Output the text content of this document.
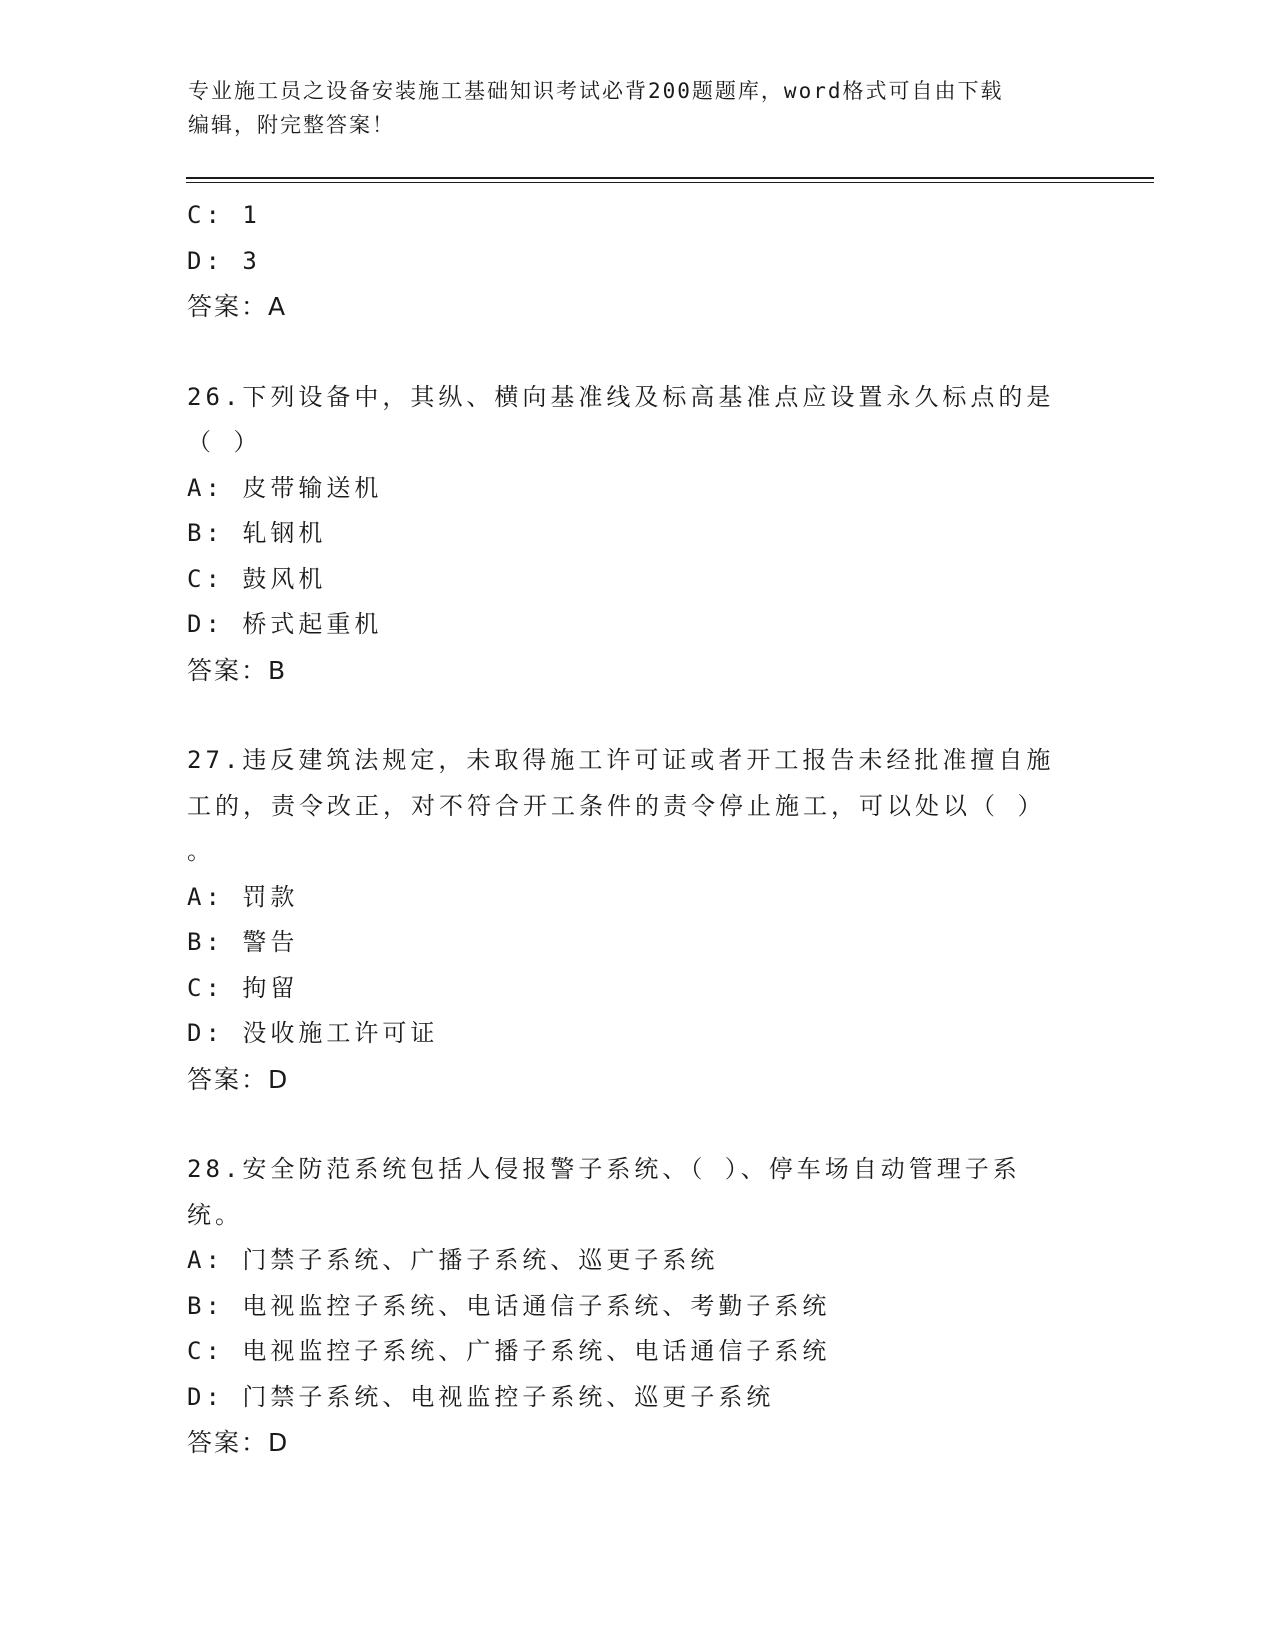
专业施工员之设备安装施工基础知识考试必背200题题库，word格式可自由下载
编辑，附完整答案！
C: 1
D: 3
答案：A
26.下列设备中，其纵、横向基准线及标高基准点应设置永久标点的是
（ ）
A: 皮带输送机
B: 轧钢机
C: 鼓风机
D: 桥式起重机
答案：B
27.违反建筑法规定，未取得施工许可证或者开工报告未经批准擅自施
工的，责令改正，对不符合开工条件的责令停止施工，可以处以（ ）
。
A: 罚款
B: 警告
C: 拘留
D: 没收施工许可证
答案：D
28.安全防范系统包括人侵报警子系统、（ ）、停车场自动管理子系
统。
A: 门禁子系统、广播子系统、巡更子系统
B: 电视监控子系统、电话通信子系统、考勤子系统
C: 电视监控子系统、广播子系统、电话通信子系统
D: 门禁子系统、电视监控子系统、巡更子系统
答案：D
